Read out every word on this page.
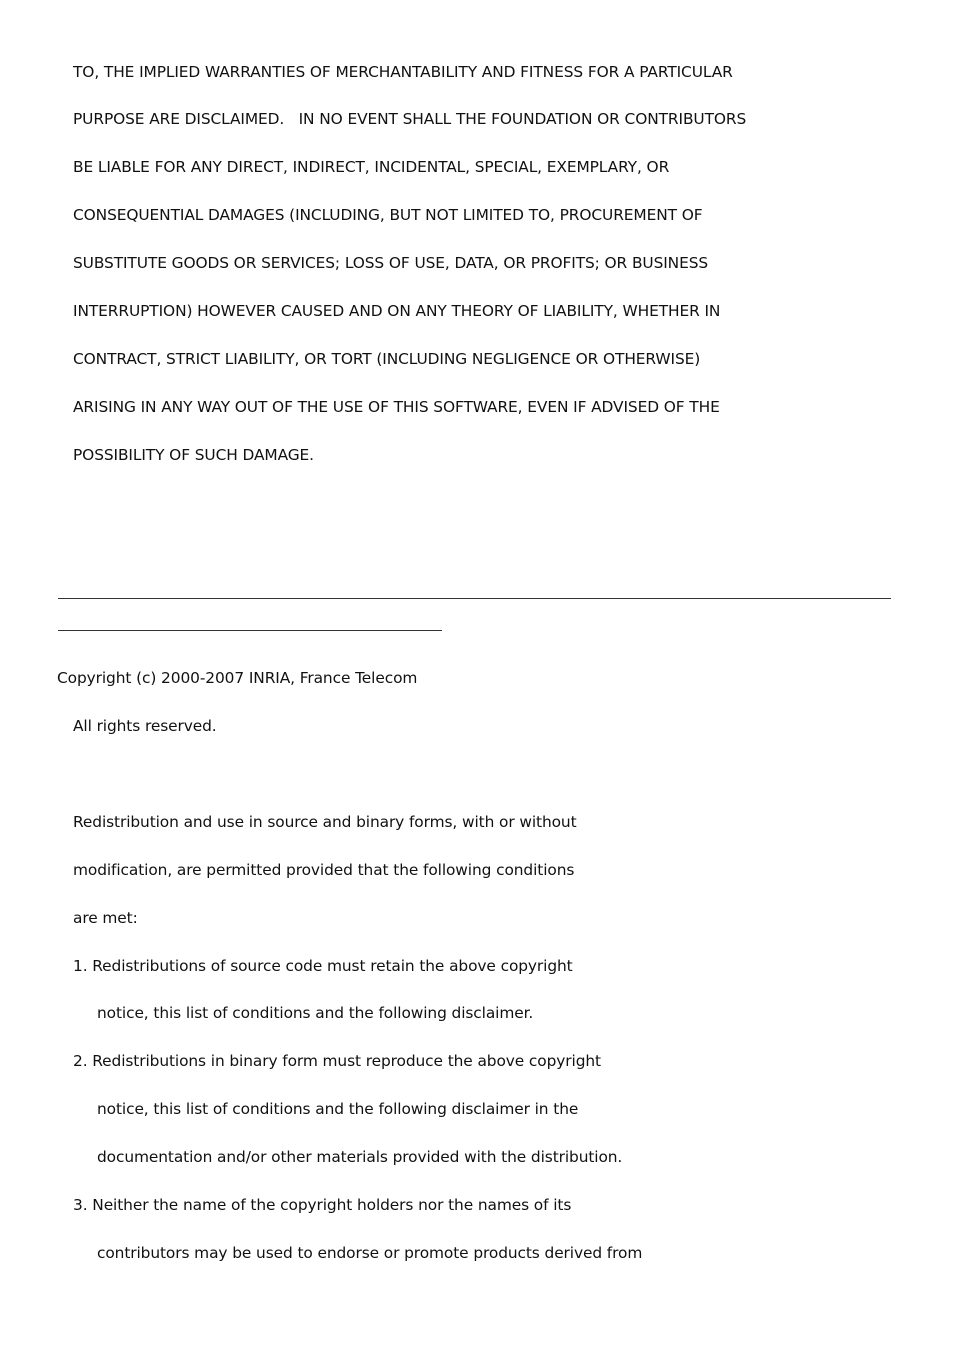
TO, THE IMPLIED WARRANTIES OF MERCHANTABILITY AND FITNESS FOR A PARTICULAR
PURPOSE ARE DISCLAIMED.   IN NO EVENT SHALL THE FOUNDATION OR CONTRIBUTORS
BE LIABLE FOR ANY DIRECT, INDIRECT, INCIDENTAL, SPECIAL, EXEMPLARY, OR
CONSEQUENTIAL DAMAGES (INCLUDING, BUT NOT LIMITED TO, PROCUREMENT OF
SUBSTITUTE GOODS OR SERVICES; LOSS OF USE, DATA, OR PROFITS; OR BUSINESS
INTERRUPTION) HOWEVER CAUSED AND ON ANY THEORY OF LIABILITY, WHETHER IN
CONTRACT, STRICT LIABILITY, OR TORT (INCLUDING NEGLIGENCE OR OTHERWISE)
ARISING IN ANY WAY OUT OF THE USE OF THIS SOFTWARE, EVEN IF ADVISED OF THE
POSSIBILITY OF SUCH DAMAGE.
Copyright (c) 2000-2007 INRIA, France Telecom
All rights reserved.
Redistribution and use in source and binary forms, with or without
modification, are permitted provided that the following conditions
are met:
1. Redistributions of source code must retain the above copyright
notice, this list of conditions and the following disclaimer.
2. Redistributions in binary form must reproduce the above copyright
notice, this list of conditions and the following disclaimer in the
documentation and/or other materials provided with the distribution.
3. Neither the name of the copyright holders nor the names of its
contributors may be used to endorse or promote products derived from
